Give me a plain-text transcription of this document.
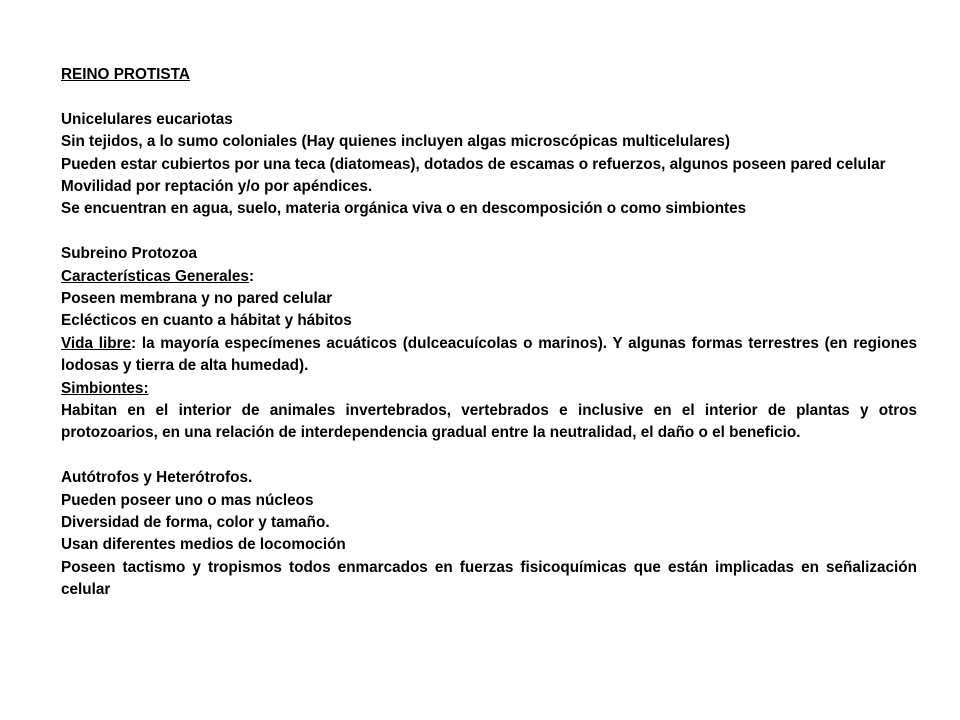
REINO PROTISTA

Unicelulares eucariotas

Sin tejidos, a lo sumo coloniales (Hay quienes incluyen algas microscópicas multicelulares)

Pueden estar cubiertos por una teca (diatomeas), dotados de escamas o refuerzos, algunos poseen pared celular

Movilidad por reptación y/o por apéndices.

Se encuentran en agua, suelo, materia orgánica viva o en descomposición o como simbiontes

Subreino Protozoa

Características Generales:

Poseen membrana y no pared celular

Eclécticos en cuanto a hábitat y hábitos

Vida libre: la mayoría especímenes acuáticos (dulceacuícolas o marinos). Y algunas formas terrestres (en regiones lodosas y tierra de alta humedad).

Simbiontes:

Habitan en el interior de animales invertebrados, vertebrados e inclusive en el interior de plantas y otros protozoarios, en una relación de interdependencia gradual entre la neutralidad, el daño o el beneficio.

Autótrofos y Heterótrofos.

Pueden poseer uno o mas núcleos

Diversidad de forma, color y tamaño.

Usan diferentes medios de locomoción

Poseen tactismo y tropismos todos enmarcados en fuerzas fisicoquímicas que están implicadas en señalización celular
